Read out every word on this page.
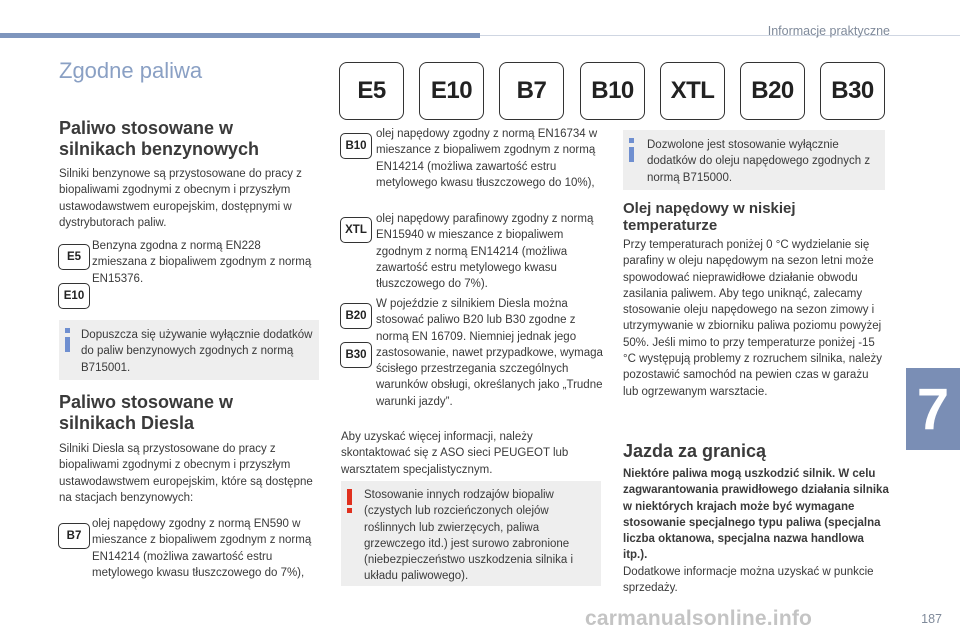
Informacje praktyczne
Zgodne paliwa
E5	E10	B7	B10	XTL	B20	B30
Paliwo stosowane w silnikach benzynowych

Silniki benzynowe są przystosowane do pracy z biopaliwami zgodnymi z obecnym i przyszłym ustawodawstwem europejskim, dostępnymi w dystrybutorach paliw.

E5
E10

Benzyna zgodna z normą EN228 zmieszana z biopaliwem zgodnym z normą EN15376.

Dopuszcza się używanie wyłącznie dodatków do paliw benzynowych zgodnych z normą B715001.

Paliwo stosowane w silnikach Diesla

Silniki Diesla są przystosowane do pracy z biopaliwami zgodnymi z obecnym i przyszłym ustawodawstwem europejskim, które są dostępne na stacjach benzynowych:

B7

olej napędowy zgodny z normą EN590 w mieszance z biopaliwem zgodnym z normą EN14214 (możliwa zawartość estru metylowego kwasu tłuszczowego do 7%),

B10

olej napędowy zgodny z normą EN16734 w mieszance z biopaliwem zgodnym z normą EN14214 (możliwa zawartość estru metylowego kwasu tłuszczowego do 10%),

XTL

olej napędowy parafinowy zgodny z normą EN15940 w mieszance z biopaliwem zgodnym z normą EN14214 (możliwa zawartość estru metylowego kwasu tłuszczowego do 7%).

B20
B30

W pojeździe z silnikiem Diesla można stosować paliwo B20 lub B30 zgodne z normą EN 16709. Niemniej jednak jego zastosowanie, nawet przypadkowe, wymaga ścisłego przestrzegania szczególnych warunków obsługi, określanych jako „Trudne warunki jazdy”.

Aby uzyskać więcej informacji, należy skontaktować się z ASO sieci PEUGEOT lub warsztatem specjalistycznym.

Stosowanie innych rodzajów biopaliw (czystych lub rozcieńczonych olejów roślinnych lub zwierzęcych, paliwa grzewczego itd.) jest surowo zabronione (niebezpieczeństwo uszkodzenia silnika i układu paliwowego).

Dozwolone jest stosowanie wyłącznie dodatków do oleju napędowego zgodnych z normą B715000.

Olej napędowy w niskiej temperaturze

Przy temperaturach poniżej 0 °C wydzielanie się parafiny w oleju napędowym na sezon letni może spowodować nieprawidłowe działanie obwodu zasilania paliwem. Aby tego uniknąć, zalecamy stosowanie oleju napędowego na sezon zimowy i utrzymywanie w zbiorniku paliwa poziomu powyżej 50%. Jeśli mimo to przy temperaturze poniżej -15 °C występują problemy z rozruchem silnika, należy pozostawić samochód na pewien czas w garażu lub ogrzewanym warsztacie.

Jazda za granicą

Niektóre paliwa mogą uszkodzić silnik. W celu zagwarantowania prawidłowego działania silnika w niektórych krajach może być wymagane stosowanie specjalnego typu paliwa (specjalna liczba oktanowa, specjalna nazwa handlowa itp.).

Dodatkowe informacje można uzyskać w punkcie sprzedaży.

7
carmanualsonline.info	187
